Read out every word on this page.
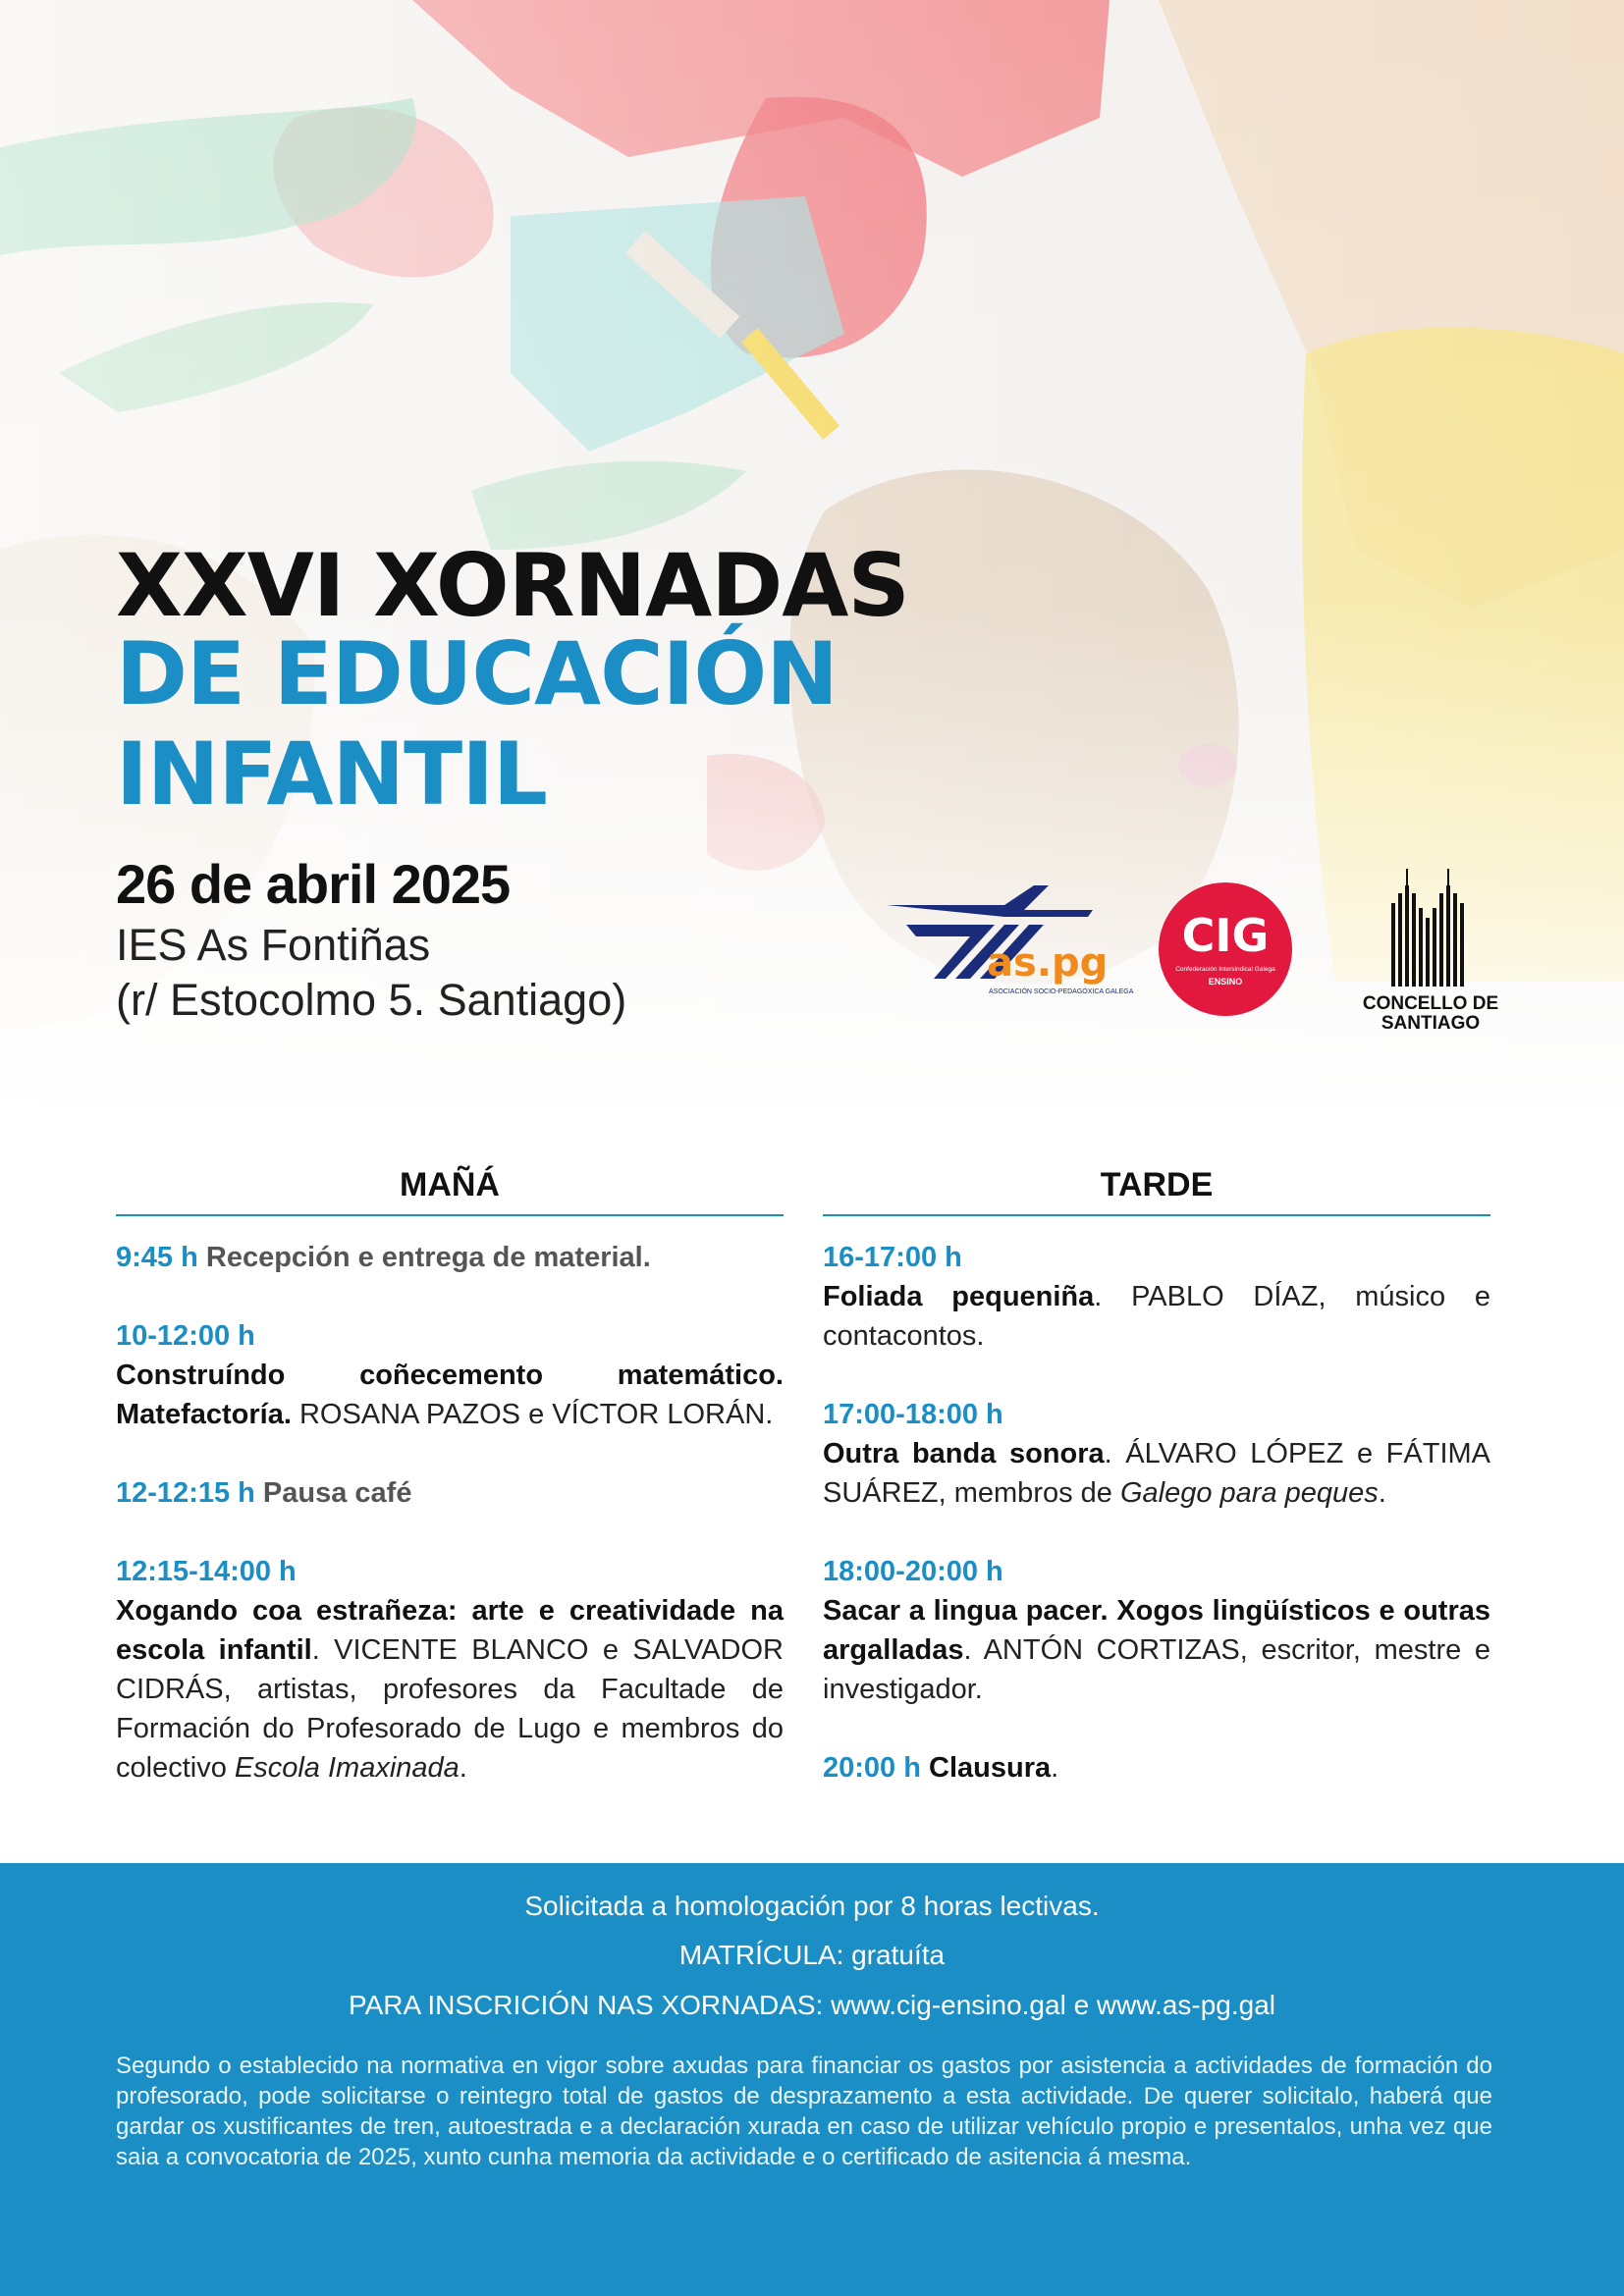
XXVI XORNADAS
DE EDUCACIÓN
INFANTIL
26 de abril 2025
IES As Fontiñas
(r/ Estocolmo 5. Santiago)
as.pg
ASOCIACIÓN SOCIO-PEDAGÓXICA GALEGA
CIG
Confederación Intersindical Galega
ENSINO
CONCELLO DE
SANTIAGO
MAÑÁ
9:45 h Recepción e entrega de material.
10-12:00 h
Construíndo coñecemento matemático. Matefactoría. ROSANA PAZOS e VÍCTOR LORÁN.
12-12:15 h Pausa café
12:15-14:00 h
Xogando coa estrañeza: arte e creatividade na escola infantil. VICENTE BLANCO e SALVADOR CIDRÁS, artistas, profesores da Facultade de Formación do Profesorado de Lugo e membros do colectivo Escola Imaxinada.
TARDE
16-17:00 h
Foliada pequeniña. PABLO DÍAZ, músico e contacontos.
17:00-18:00 h
Outra banda sonora. ÁLVARO LÓPEZ e FÁTIMA SUÁREZ, membros de Galego para peques.
18:00-20:00 h
Sacar a lingua pacer. Xogos lingüísticos e outras argalladas. ANTÓN CORTIZAS, escritor, mestre e investigador.
20:00 h Clausura.
Solicitada a homologación por 8 horas lectivas.
MATRÍCULA: gratuíta
PARA INSCRICIÓN NAS XORNADAS: www.cig-ensino.gal e www.as-pg.gal
Segundo o establecido na normativa en vigor sobre axudas para financiar os gastos por asistencia a actividades de formación do profesorado, pode solicitarse o reintegro total de gastos de desprazamento a esta actividade. De querer solicitalo, haberá que gardar os xustificantes de tren, autoestrada e a declaración xurada en caso de utilizar vehículo propio e presentalos, unha vez que saia a convocatoria de 2025, xunto cunha memoria da actividade e o certificado de asitencia á mesma.
